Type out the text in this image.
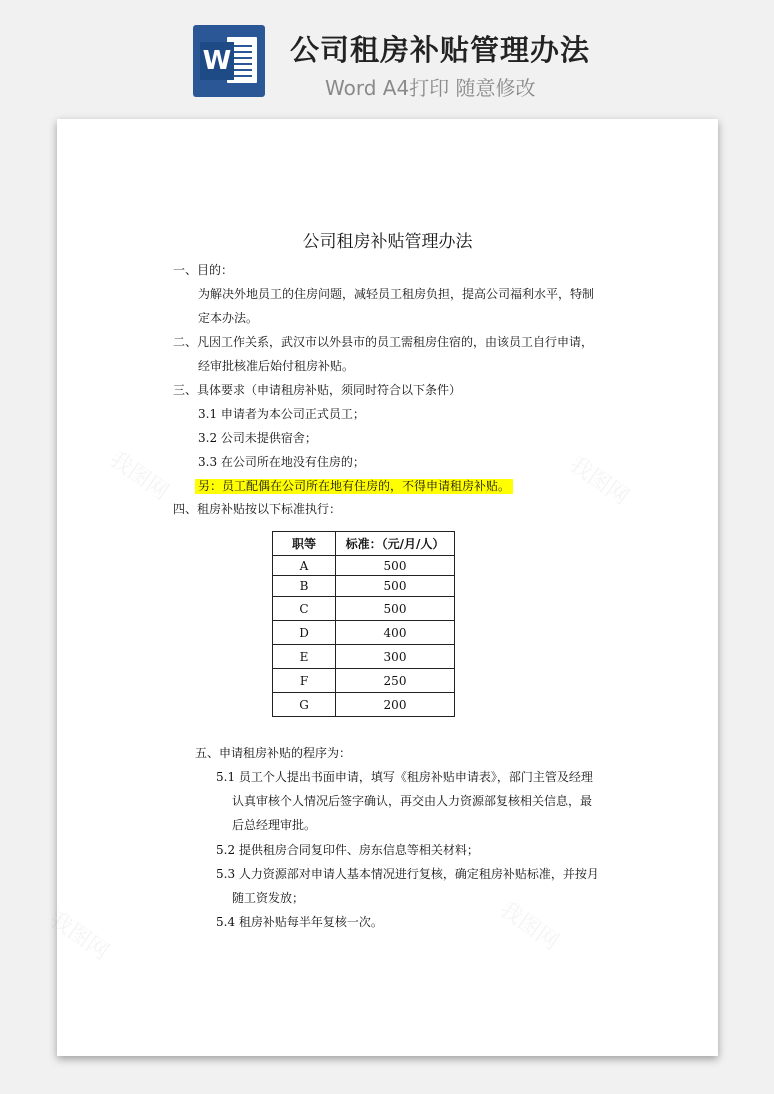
W 公司租房补贴管理办法
Word A4打印 随意修改
我图网	我图网
我图网	我图网
公司租房补贴管理办法
一、目的：
为解决外地员工的住房问题，减轻员工租房负担，提高公司福利水平，特制
定本办法。
二、凡因工作关系，武汉市以外县市的员工需租房住宿的，由该员工自行申请，
经审批核准后始付租房补贴。
三、具体要求（申请租房补贴，须同时符合以下条件）
3.1 申请者为本公司正式员工；
3.2 公司未提供宿舍；
3.3 在公司所在地没有住房的；
另：员工配偶在公司所在地有住房的，不得申请租房补贴。
四、租房补贴按以下标准执行：
职等	标准：（元/月/人）
A	500
B	500
C	500
D	400
E	300
F	250
G	200
五、申请租房补贴的程序为：
5.1 员工个人提出书面申请，填写《租房补贴申请表》，部门主管及经理
认真审核个人情况后签字确认，再交由人力资源部复核相关信息，最
后总经理审批。
5.2 提供租房合同复印件、房东信息等相关材料；
5.3 人力资源部对申请人基本情况进行复核，确定租房补贴标准，并按月
随工资发放；
5.4 租房补贴每半年复核一次。
